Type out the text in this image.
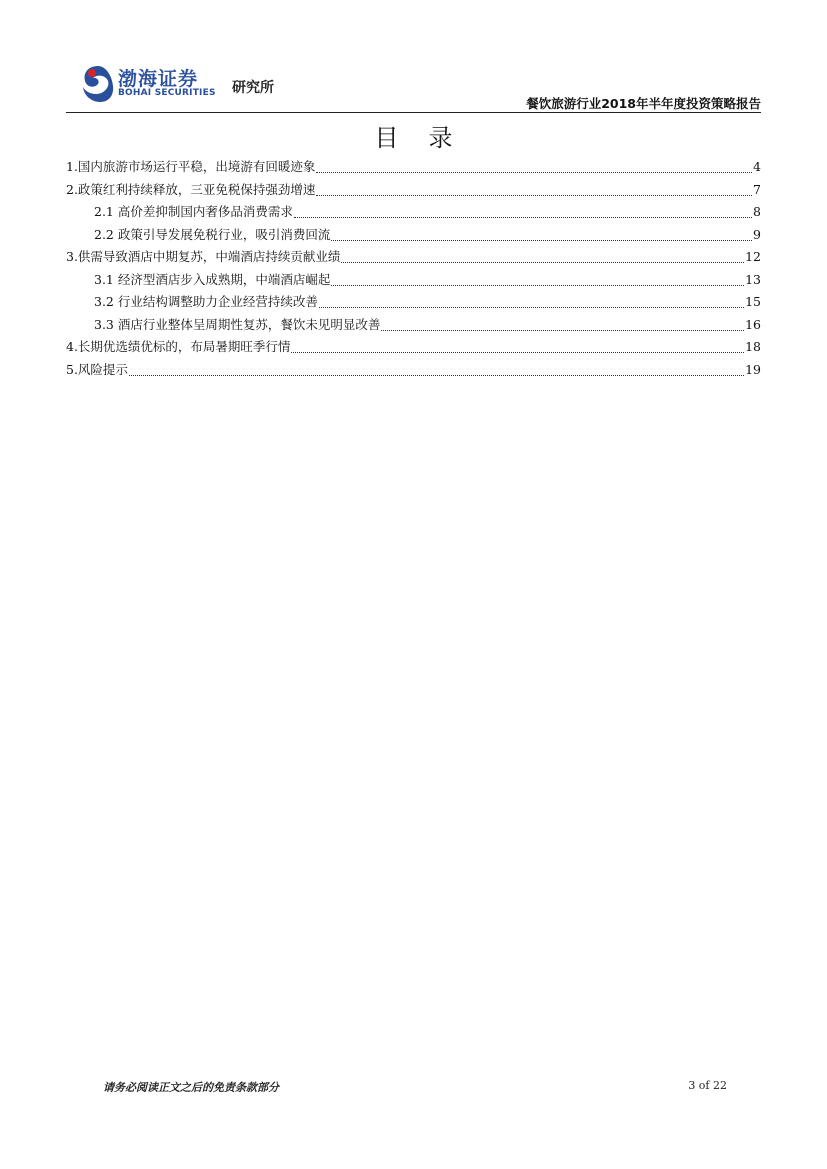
渤海证券
BOHAI SECURITIES 研究所
餐饮旅游行业2018年半年度投资策略报告
目录
1.国内旅游市场运行平稳，出境游有回暖迹象	4
2.政策红利持续释放，三亚免税保持强劲增速	7
2.1 高价差抑制国内奢侈品消费需求	8
2.2 政策引导发展免税行业，吸引消费回流	9
3.供需导致酒店中期复苏，中端酒店持续贡献业绩	12
3.1 经济型酒店步入成熟期，中端酒店崛起	13
3.2 行业结构调整助力企业经营持续改善	15
3.3 酒店行业整体呈周期性复苏，餐饮未见明显改善	16
4.长期优选绩优标的，布局暑期旺季行情	18
5.风险提示	19
请务必阅读正文之后的免责条款部分	3 of 22
